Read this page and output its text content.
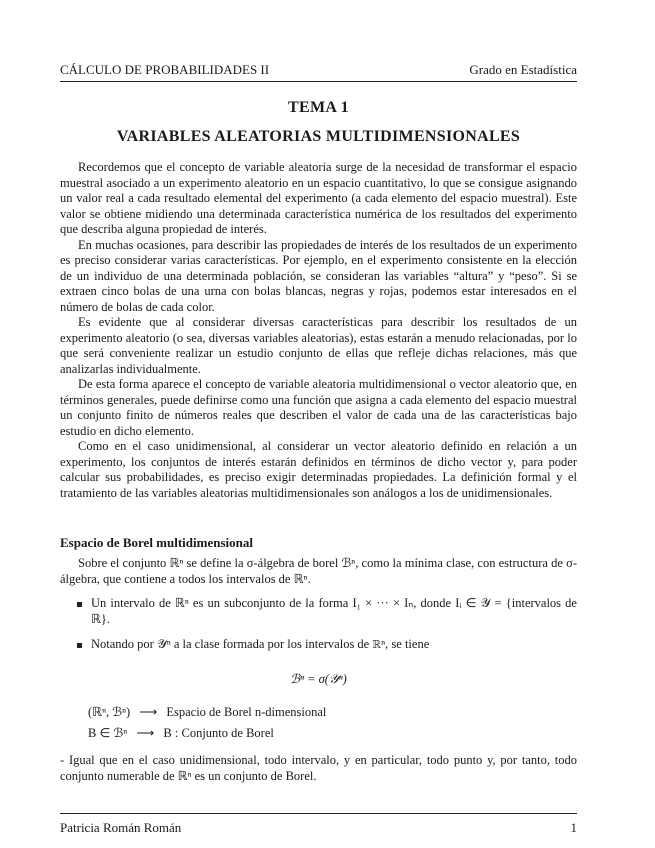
CÁLCULO DE PROBABILIDADES II	Grado en Estadística
TEMA 1
VARIABLES ALEATORIAS MULTIDIMENSIONALES

Recordemos que el concepto de variable aleatoria surge de la necesidad de transformar el espacio muestral asociado a un experimento aleatorio en un espacio cuantitativo, lo que se consigue asignando un valor real a cada resultado elemental del experimento (a cada elemento del espacio muestral). Este valor se obtiene midiendo una determinada característica numérica de los resultados del experimento que describa alguna propiedad de interés.

En muchas ocasiones, para describir las propiedades de interés de los resultados de un experimento es preciso considerar varias características. Por ejemplo, en el experimento consistente en la elección de un individuo de una determinada población, se consideran las variables “altura” y “peso”. Si se extraen cinco bolas de una urna con bolas blancas, negras y rojas, podemos estar interesados en el número de bolas de cada color.

Es evidente que al considerar diversas características para describir los resultados de un experimento aleatorio (o sea, diversas variables aleatorias), estas estarán a menudo relacionadas, por lo que será conveniente realizar un estudio conjunto de ellas que refleje dichas relaciones, más que analizarlas individualmente.

De esta forma aparece el concepto de variable aleatoria multidimensional o vector aleatorio que, en términos generales, puede definirse como una función que asigna a cada elemento del espacio muestral un conjunto finito de números reales que describen el valor de cada una de las características bajo estudio en dicho elemento.

Como en el caso unidimensional, al considerar un vector aleatorio definido en relación a un experimento, los conjuntos de interés estarán definidos en términos de dicho vector y, para poder calcular sus probabilidades, es preciso exigir determinadas propiedades. La definición formal y el tratamiento de las variables aleatorias multidimensionales son análogos a los de unidimensionales.

Espacio de Borel multidimensional

Sobre el conjunto ℝⁿ se define la σ-álgebra de borel ℬⁿ, como la mínima clase, con estructura de σ-álgebra, que contiene a todos los intervalos de ℝⁿ.

Un intervalo de ℝⁿ es un subconjunto de la forma I₁ × ··· × Iₙ, donde Iᵢ ∈ 𝒴 = {intervalos de ℝ}.
Notando por 𝒴ⁿ a la clase formada por los intervalos de ℝⁿ, se tiene
ℬⁿ = σ(𝒴ⁿ)
(ℝⁿ, ℬⁿ) ⟶ Espacio de Borel n-dimensional
B ∈ ℬⁿ ⟶ B : Conjunto de Borel
- Igual que en el caso unidimensional, todo intervalo, y en particular, todo punto y, por tanto, todo conjunto numerable de ℝⁿ es un conjunto de Borel.
Patricia Román Román	1
